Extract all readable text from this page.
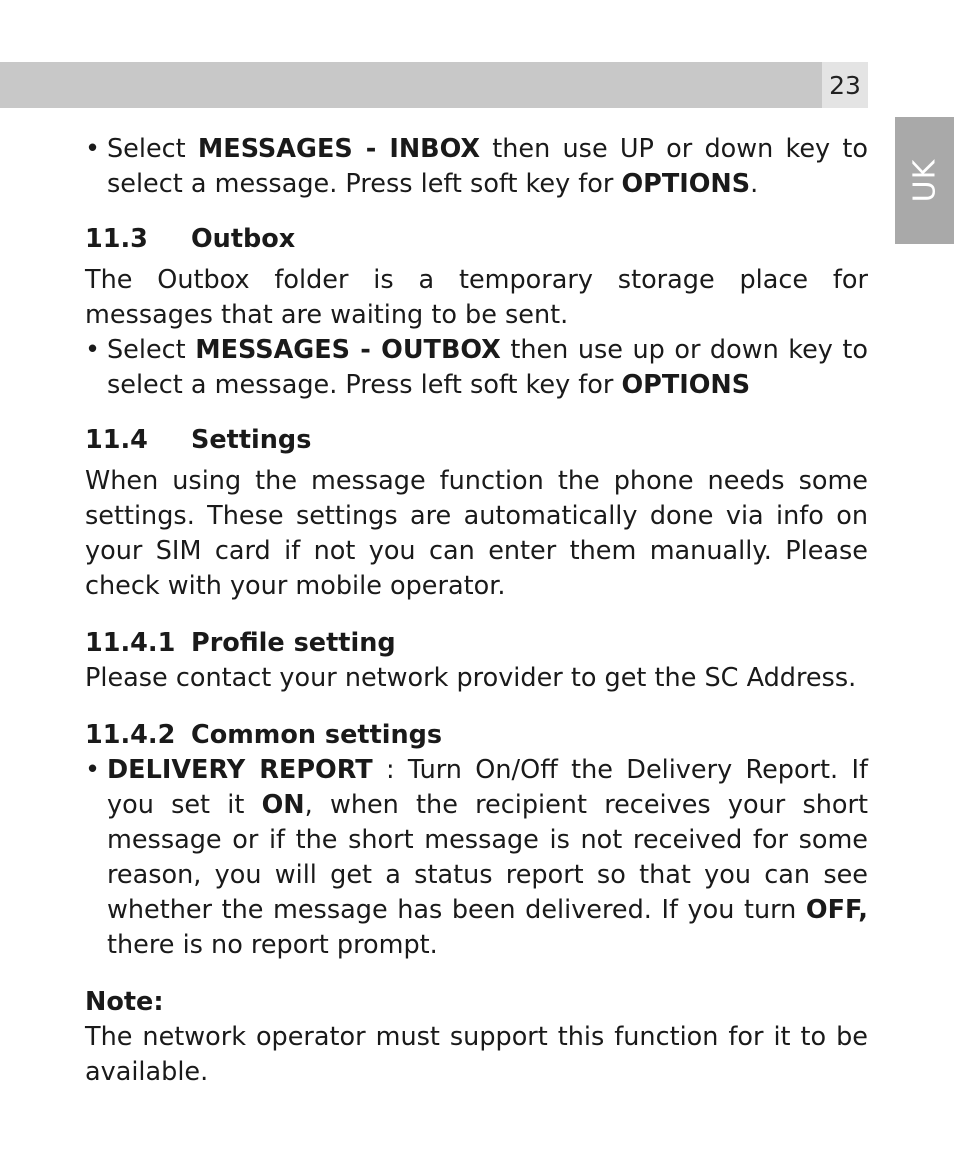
23
UK

• Select MESSAGES - INBOX then use UP or down key to select a message. Press left soft key for OPTIONS.

11.3 Outbox

The Outbox folder is a temporary storage place for messages that are waiting to be sent.

• Select MESSAGES - OUTBOX then use up or down key to select a message. Press left soft key for OPTIONS

11.4 Settings

When using the message function the phone needs some settings. These settings are automatically done via info on your SIM card if not you can enter them manually. Please check with your mobile operator.

11.4.1 Profile setting

Please contact your network provider to get the SC Address.

11.4.2 Common settings

• DELIVERY REPORT : Turn On/Off the Delivery Report. If you set it ON, when the recipient receives your short message or if the short message is not received for some reason, you will get a status report so that you can see whether the message has been delivered. If you turn OFF, there is no report prompt.

Note:

The network operator must support this function for it to be available.
